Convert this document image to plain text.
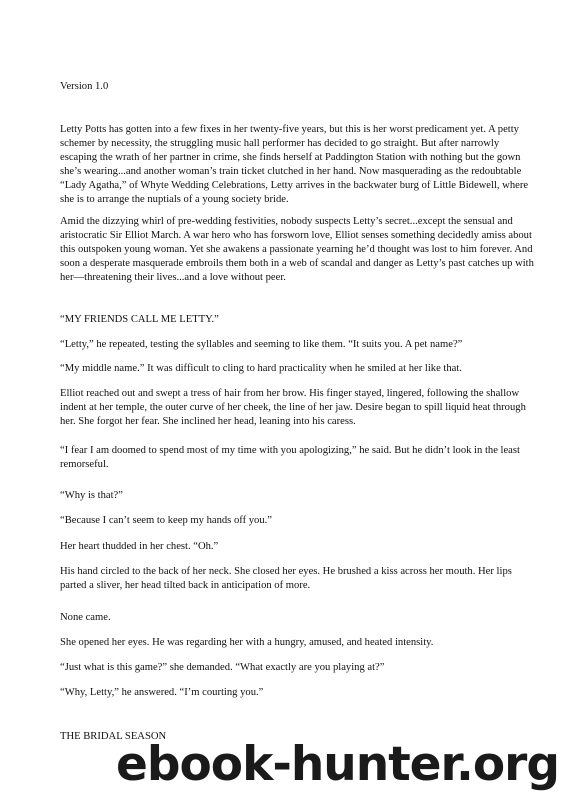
Version 1.0

Letty Potts has gotten into a few fixes in her twenty-five years, but this is her worst predicament yet. A petty schemer by necessity, the struggling music hall performer has decided to go straight. But after narrowly escaping the wrath of her partner in crime, she finds herself at Paddington Station with nothing but the gown she’s wearing...and another woman’s train ticket clutched in her hand. Now masquerading as the redoubtable “Lady Agatha,” of Whyte Wedding Celebrations, Letty arrives in the backwater burg of Little Bidewell, where she is to arrange the nuptials of a young society bride.

Amid the dizzying whirl of pre-wedding festivities, nobody suspects Letty’s secret...except the sensual and aristocratic Sir Elliot March. A war hero who has forsworn love, Elliot senses something decidedly amiss about this outspoken young woman. Yet she awakens a passionate yearning he’d thought was lost to him forever. And soon a desperate masquerade embroils them both in a web of scandal and danger as Letty’s past catches up with her—threatening their lives...and a love without peer.

“MY FRIENDS CALL ME LETTY.”

“Letty,” he repeated, testing the syllables and seeming to like them. “It suits you. A pet name?”

“My middle name.” It was difficult to cling to hard practicality when he smiled at her like that.

Elliot reached out and swept a tress of hair from her brow. His finger stayed, lingered, following the shallow indent at her temple, the outer curve of her cheek, the line of her jaw. Desire began to spill liquid heat through her. She forgot her fear. She inclined her head, leaning into his caress.

“I fear I am doomed to spend most of my time with you apologizing,” he said. But he didn’t look in the least remorseful.

“Why is that?”

“Because I can’t seem to keep my hands off you.”

Her heart thudded in her chest. “Oh.”

His hand circled to the back of her neck. She closed her eyes. He brushed a kiss across her mouth. Her lips parted a sliver, her head tilted back in anticipation of more.

None came.

She opened her eyes. He was regarding her with a hungry, amused, and heated intensity.

“Just what is this game?” she demanded. “What exactly are you playing at?”

“Why, Letty,” he answered. “I’m courting you.”

THE BRIDAL SEASON

ebook-hunter.org
